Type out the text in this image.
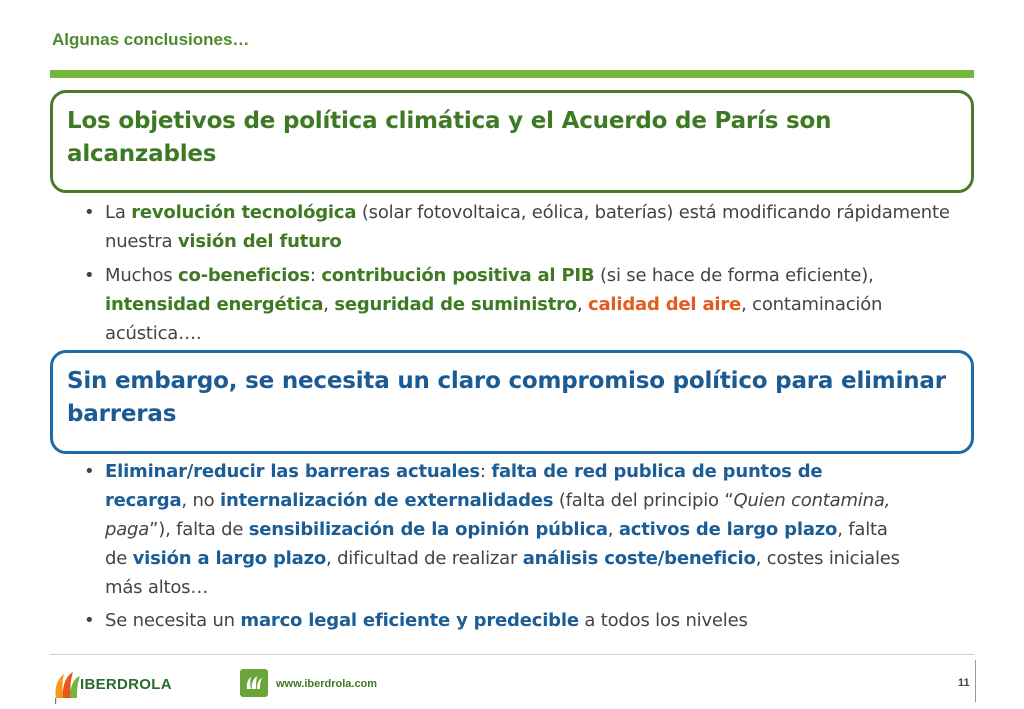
Algunas conclusiones…
Los objetivos de política climática y el Acuerdo de París son alcanzables
• La revolución tecnológica (solar fotovoltaica, eólica, baterías) está modificando rápidamente nuestra visión del futuro
• Muchos co-beneficios: contribución positiva al PIB (si se hace de forma eficiente), intensidad energética, seguridad de suministro, calidad del aire, contaminación acústica….
Sin embargo, se necesita un claro compromiso político para eliminar barreras
• Eliminar/reducir las barreras actuales: falta de red publica de puntos de recarga, no internalización de externalidades (falta del principio “Quien contamina, paga”), falta de sensibilización de la opinión pública, activos de largo plazo, falta de visión a largo plazo, dificultad de realizar análisis coste/beneficio, costes iniciales más altos…
• Se necesita un marco legal eficiente y predecible a todos los niveles
IBERDROLA	www.iberdrola.com	11
